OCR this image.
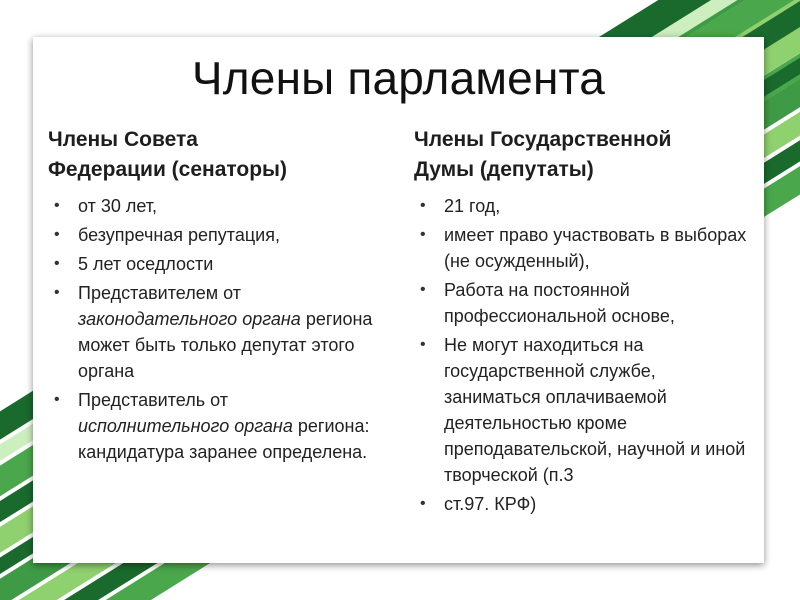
Члены парламента
Члены Совета
Федерации (сенаторы)
• от 30 лет,
• безупречная репутация,
• 5 лет оседлости
• Представителем от законодательного органа региона может быть только депутат этого органа
• Представитель от исполнительного органа региона: кандидатура заранее определена.
Члены Государственной
Думы (депутаты)
• 21 год,
• имеет право участвовать в выборах (не осужденный),
• Работа на постоянной профессиональной основе,
• Не могут находиться на государственной службе, заниматься оплачиваемой деятельностью кроме преподавательской, научной и иной творческой (п.3
• ст.97. КРФ)
fppt.com
